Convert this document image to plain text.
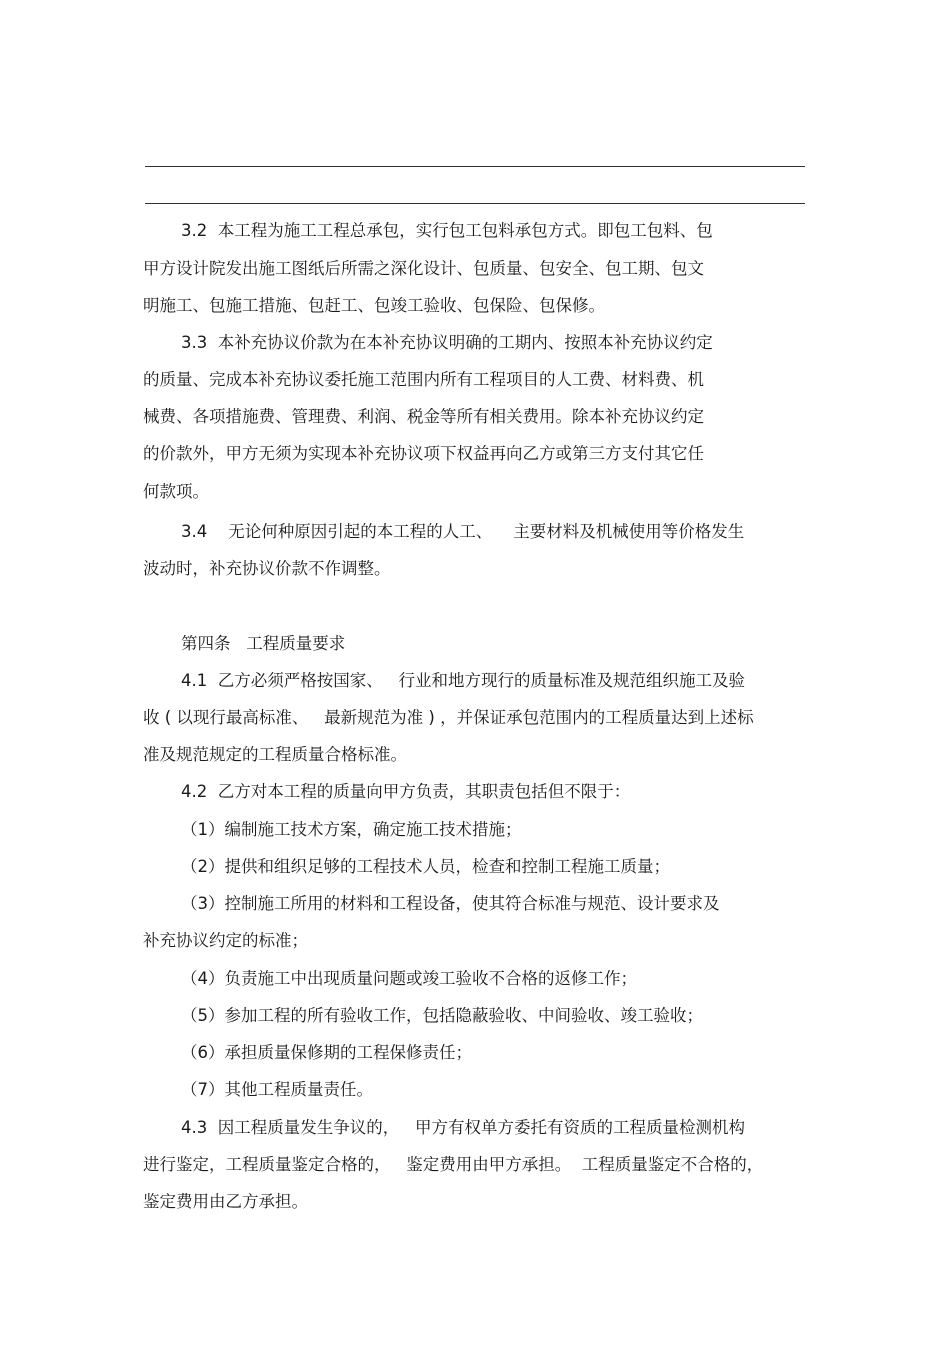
3.2  本工程为施工工程总承包，实行包工包料承包方式。即包工包料、包
甲方设计院发出施工图纸后所需之深化设计、包质量、包安全、包工期、包文
明施工、包施工措施、包赶工、包竣工验收、包保险、包保修。
3.3  本补充协议价款为在本补充协议明确的工期内、按照本补充协议约定
的质量、完成本补充协议委托施工范围内所有工程项目的人工费、材料费、机
械费、各项措施费、管理费、利润、税金等所有相关费用。除本补充协议约定
的价款外，甲方无须为实现本补充协议项下权益再向乙方或第三方支付其它任
何款项。
3.4    无论何种原因引起的本工程的人工、    主要材料及机械使用等价格发生
波动时，补充协议价款不作调整。
第四条   工程质量要求
4.1  乙方必须严格按国家、   行业和地方现行的质量标准及规范组织施工及验
收 ( 以现行最高标准、   最新规范为准 ) ，并保证承包范围内的工程质量达到上述标
准及规范规定的工程质量合格标准。
4.2  乙方对本工程的质量向甲方负责，其职责包括但不限于：
（1）编制施工技术方案，确定施工技术措施；
（2）提供和组织足够的工程技术人员，检查和控制工程施工质量；
（3）控制施工所用的材料和工程设备，使其符合标准与规范、设计要求及
补充协议约定的标准；
（4）负责施工中出现质量问题或竣工验收不合格的返修工作；
（5）参加工程的所有验收工作，包括隐蔽验收、中间验收、竣工验收；
（6）承担质量保修期的工程保修责任；
（7）其他工程质量责任。
4.3  因工程质量发生争议的，   甲方有权单方委托有资质的工程质量检测机构
进行鉴定，工程质量鉴定合格的，   鉴定费用由甲方承担。  工程质量鉴定不合格的，
鉴定费用由乙方承担。
